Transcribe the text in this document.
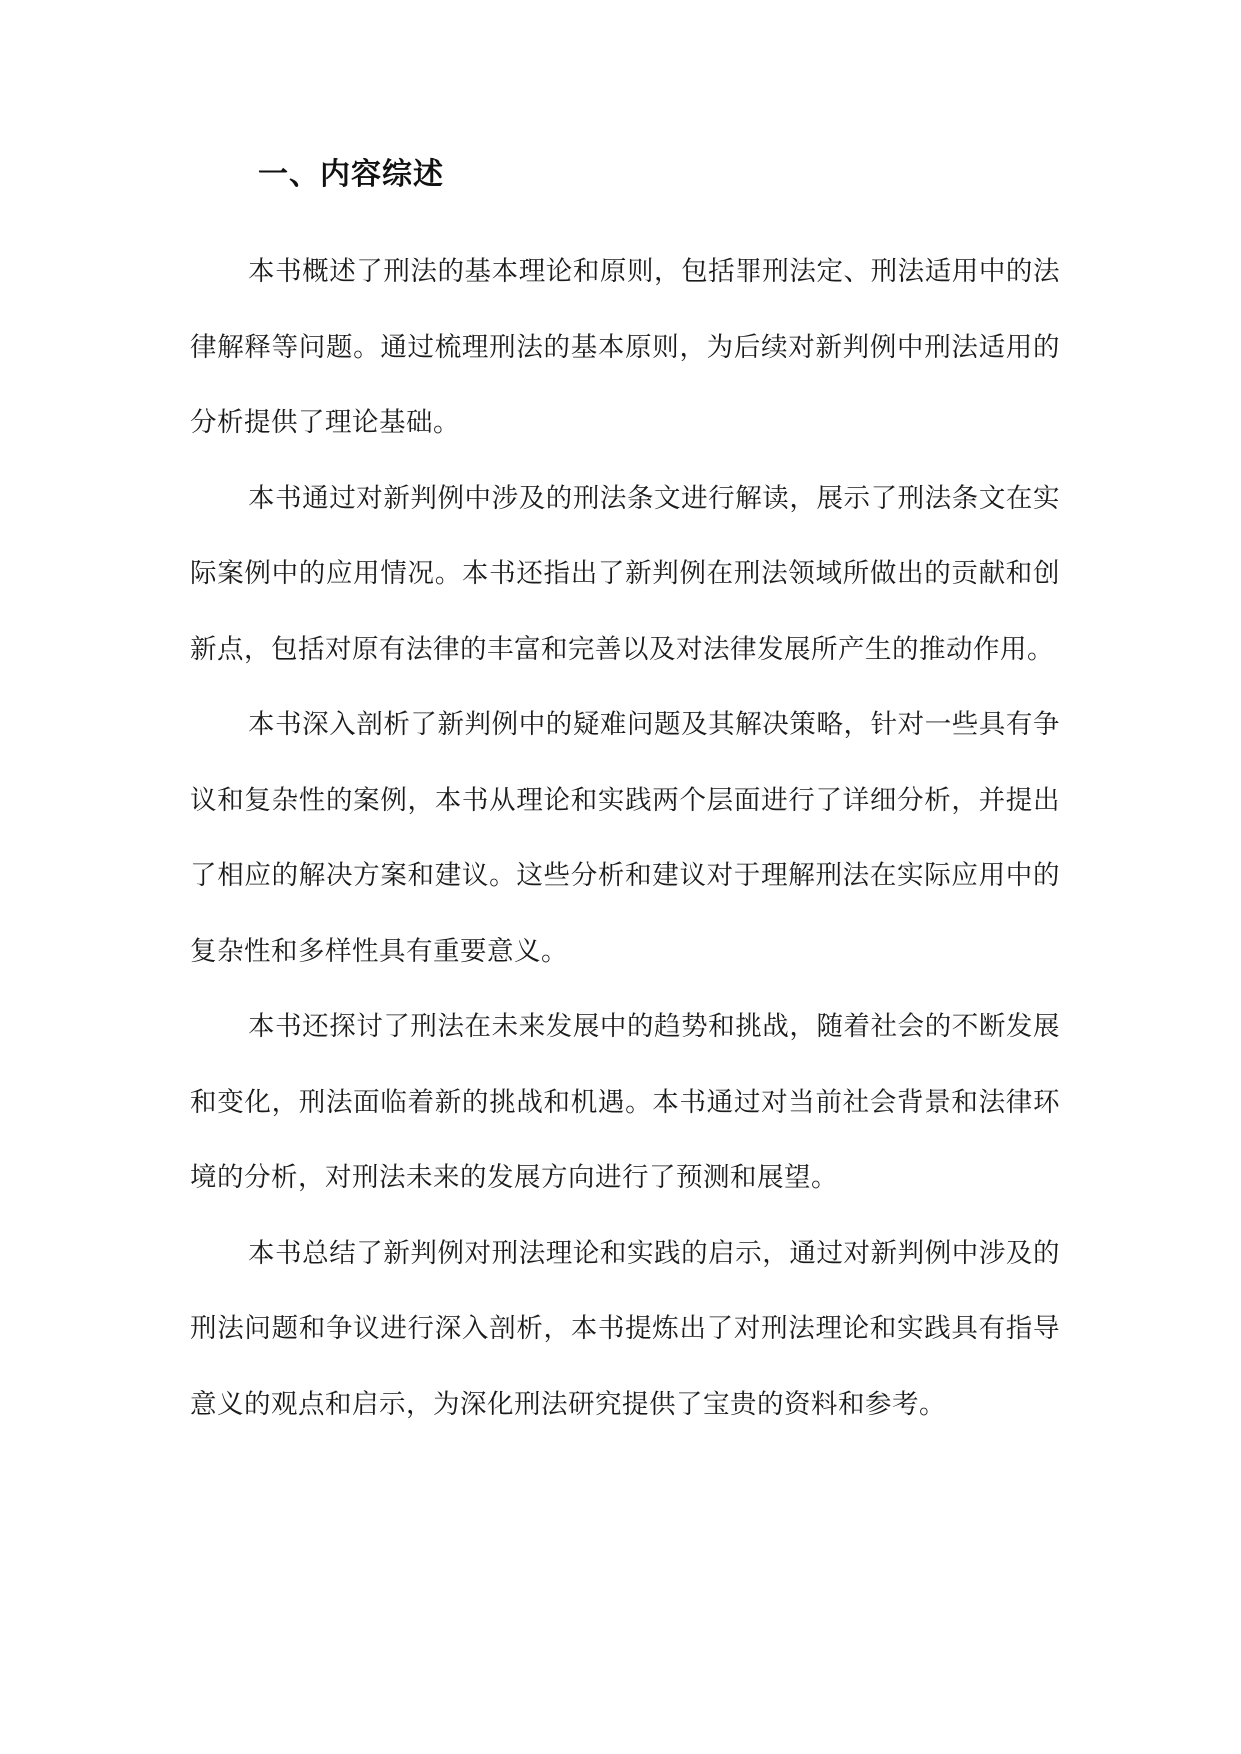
一、内容综述

本书概述了刑法的基本理论和原则，包括罪刑法定、刑法适用中的法律解释等问题。通过梳理刑法的基本原则，为后续对新判例中刑法适用的分析提供了理论基础。

本书通过对新判例中涉及的刑法条文进行解读，展示了刑法条文在实际案例中的应用情况。本书还指出了新判例在刑法领域所做出的贡献和创新点，包括对原有法律的丰富和完善以及对法律发展所产生的推动作用。

本书深入剖析了新判例中的疑难问题及其解决策略，针对一些具有争议和复杂性的案例，本书从理论和实践两个层面进行了详细分析，并提出了相应的解决方案和建议。这些分析和建议对于理解刑法在实际应用中的复杂性和多样性具有重要意义。

本书还探讨了刑法在未来发展中的趋势和挑战，随着社会的不断发展和变化，刑法面临着新的挑战和机遇。本书通过对当前社会背景和法律环境的分析，对刑法未来的发展方向进行了预测和展望。

本书总结了新判例对刑法理论和实践的启示，通过对新判例中涉及的刑法问题和争议进行深入剖析，本书提炼出了对刑法理论和实践具有指导意义的观点和启示，为深化刑法研究提供了宝贵的资料和参考。
